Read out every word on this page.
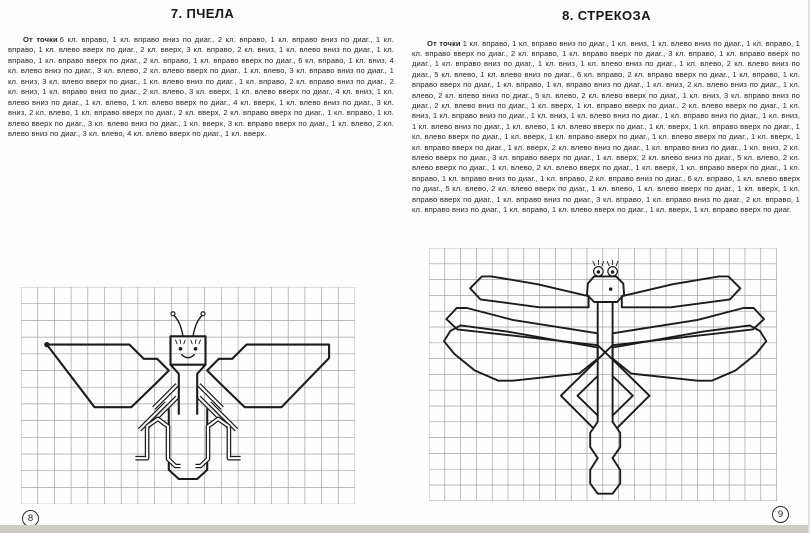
7. ПЧЕЛА

От точки 6 кл. вправо, 1 кл. вправо вниз по диаг., 2 кл. вправо, 1 кл. вправо вниз по диаг., 1 кл. вправо, 1 кл. влево вверх по диаг., 2 кл. вверх, 3 кл. вправо, 2 кл. вниз, 1 кл. влево вниз по диаг., 1 кл. вправо, 1 кл. вправо вверх по диаг., 2 кл. вправо, 1 кл. вправо вверх по диаг., 6 кл. вправо, 1 кл. вниз, 4 кл. влево вниз по диаг., 3 кл. влево, 2 кл. влево вверх по диаг., 1 кл. влево, 3 кл. вправо вниз по диаг., 1 кл. вниз, 3 кл. влево вверх по диаг., 1 кл. влево вниз по диаг., 1 кл. вправо, 2 кл. вправо вниз по диаг., 2 кл. вниз, 1 кл. вправо вниз по диаг., 2 кл. влево, 3 кл. вверх, 1 кл. влево вверх по диаг., 4 кл. вниз, 1 кл. влево вниз по диаг., 1 кл. влево, 1 кл. влево вверх по диаг., 4 кл. вверх, 1 кл. влево вниз по диаг., 3 кл. вниз, 2 кл. влево, 1 кл. вправо вверх по диаг., 2 кл. вверх, 2 кл. вправо вверх по диаг., 1 кл. вправо, 1 кл. влево вверх по диаг., 3 кл. влево вниз по диаг., 1 кл. вверх, 3 кл. вправо вверх по диаг., 1 кл. влево, 2 кл. влево вниз по диаг., 3 кл. влево, 4 кл. влево вверх по диаг., 1 кл. вверх.

8. СТРЕКОЗА

От точки 1 кл. вправо, 1 кл. вправо вниз по диаг., 1 кл. вниз, 1 кл. влево вниз по диаг., 1 кл. вправо, 1 кл. вправо вверх по диаг., 2 кл. вправо, 1 кл. вправо вверх по диаг., 3 кл. вправо, 1 кл. вправо вверх по диаг., 1 кл. вправо вниз по диаг., 1 кл. вниз, 1 кл. влево вниз по диаг., 1 кл. влево, 2 кл. влево вниз по диаг., 5 кл. влево, 1 кл. влево вниз по диаг., 6 кл. вправо, 2 кл. вправо вверх по диаг., 1 кл. вправо, 1 кл. вправо вверх по диаг., 1 кл. вправо, 1 кл. вправо вниз по диаг., 1 кл. вниз, 2 кл. влево вниз по диаг., 1 кл. влево, 2 кл. влево вниз по диаг., 5 кл. влево, 2 кл. влево вверх по диаг., 1 кл. вниз, 3 кл. вправо вниз по диаг., 2 кл. влево вниз по диаг., 1 кл. вверх, 1 кл. вправо вверх по диаг., 2 кл. влево вверх по диаг., 1 кл. вниз, 1 кл. вправо вниз по диаг., 1 кл. вниз, 1 кл. влево вниз по диаг., 1 кл. вправо вниз по диаг., 1 кл. вниз, 1 кл. влево вниз по диаг., 1 кл. влево, 1 кл. влево вверх по диаг., 1 кл. вверх, 1 кл. вправо вверх по диаг., 1 кл. влево вверх по диаг., 1 кл. вверх, 1 кл. вправо вверх по диаг., 1 кл. влево вверх по диаг., 1 кл. вверх, 1 кл. вправо вверх по диаг., 1 кл. вверх, 2 кл. влево вниз по диаг., 1 кл. вправо вниз по диаг., 1 кл. вниз, 2 кл. влево вверх по диаг., 3 кл. вправо вверх по диаг., 1 кл. вверх, 2 кл. влево вниз по диаг., 5 кл. влево, 2 кл. влево вверх по диаг., 1 кл. влево, 2 кл. влево вверх по диаг., 1 кл. вверх, 1 кл. вправо вверх по диаг., 1 кл. вправо, 1 кл. вправо вниз по диаг., 1 кл. вправо, 2 кл. вправо вниз по диаг., 6 кл. вправо, 1 кл. влево вверх по диаг., 5 кл. влево, 2 кл. влево вверх по диаг., 1 кл. влево, 1 кл. влево вверх по диаг., 1 кл. вверх, 1 кл. вправо вверх по диаг., 1 кл. вправо вниз по диаг., 3 кл. вправо, 1 кл. вправо вниз по диаг., 2 кл. вправо, 1 кл. вправо вниз по диаг., 1 кл. вправо, 1 кл. влево вверх по диаг., 1 кл. вверх, 1 кл. вправо вверх по диаг.

8	9
